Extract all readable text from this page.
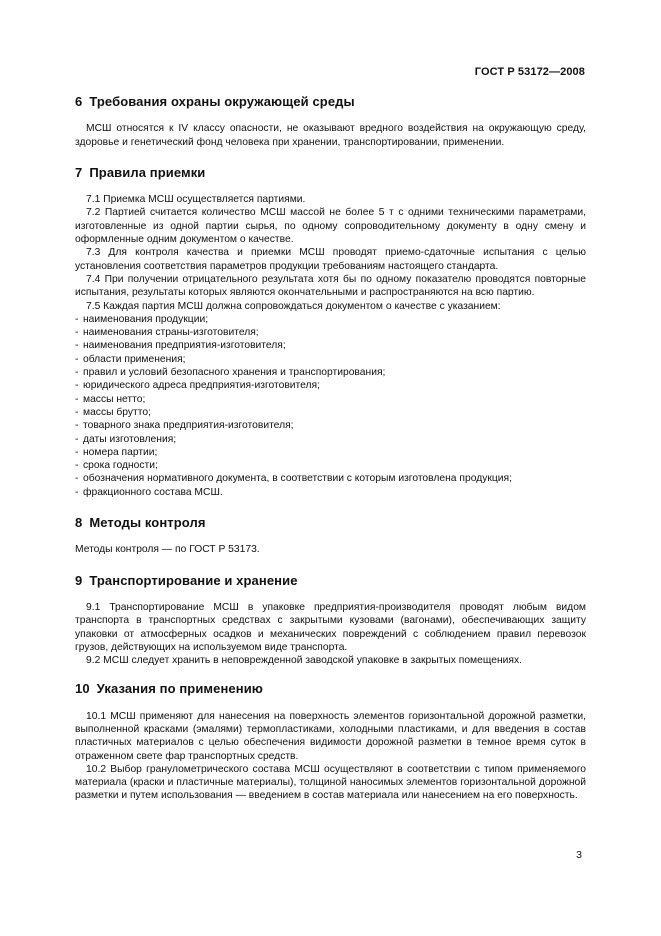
ГОСТ Р 53172—2008
6 Требования охраны окружающей среды

МСШ относятся к IV классу опасности, не оказывают вредного воздействия на окружающую среду, здоровье и генетический фонд человека при хранении, транспортировании, применении.

7 Правила приемки

7.1 Приемка МСШ осуществляется партиями.

7.2 Партией считается количество МСШ массой не более 5 т с одними техническими параметрами, изготовленные из одной партии сырья, по одному сопроводительному документу в одну смену и оформленные одним документом о качестве.

7.3 Для контроля качества и приемки МСШ проводят приемо-сдаточные испытания с целью установления соответствия параметров продукции требованиям настоящего стандарта.

7.4 При получении отрицательного результата хотя бы по одному показателю проводятся повторные испытания, результаты которых являются окончательными и распространяются на всю партию.

7.5 Каждая партия МСШ должна сопровождаться документом о качестве с указанием:

- наименования продукции;
- наименования страны-изготовителя;
- наименования предприятия-изготовителя;
- области применения;
- правил и условий безопасного хранения и транспортирования;
- юридического адреса предприятия-изготовителя;
- массы нетто;
- массы брутто;
- товарного знака предприятия-изготовителя;
- даты изготовления;
- номера партии;
- срока годности;
- обозначения нормативного документа, в соответствии с которым изготовлена продукция;
- фракционного состава МСШ.
8 Методы контроля

Методы контроля — по ГОСТ Р 53173.

9 Транспортирование и хранение

9.1 Транспортирование МСШ в упаковке предприятия-производителя проводят любым видом транспорта в транспортных средствах с закрытыми кузовами (вагонами), обеспечивающих защиту упаковки от атмосферных осадков и механических повреждений с соблюдением правил перевозок грузов, действующих на используемом виде транспорта.

9.2 МСШ следует хранить в неповрежденной заводской упаковке в закрытых помещениях.

10 Указания по применению

10.1 МСШ применяют для нанесения на поверхность элементов горизонтальной дорожной разметки, выполненной красками (эмалями) термопластиками, холодными пластиками, и для введения в состав пластичных материалов с целью обеспечения видимости дорожной разметки в темное время суток в отраженном свете фар транспортных средств.

10.2 Выбор гранулометрического состава МСШ осуществляют в соответствии с типом применяемого материала (краски и пластичные материалы), толщиной наносимых элементов горизонтальной дорожной разметки и путем использования — введением в состав материала или нанесением на его поверхность.

3
